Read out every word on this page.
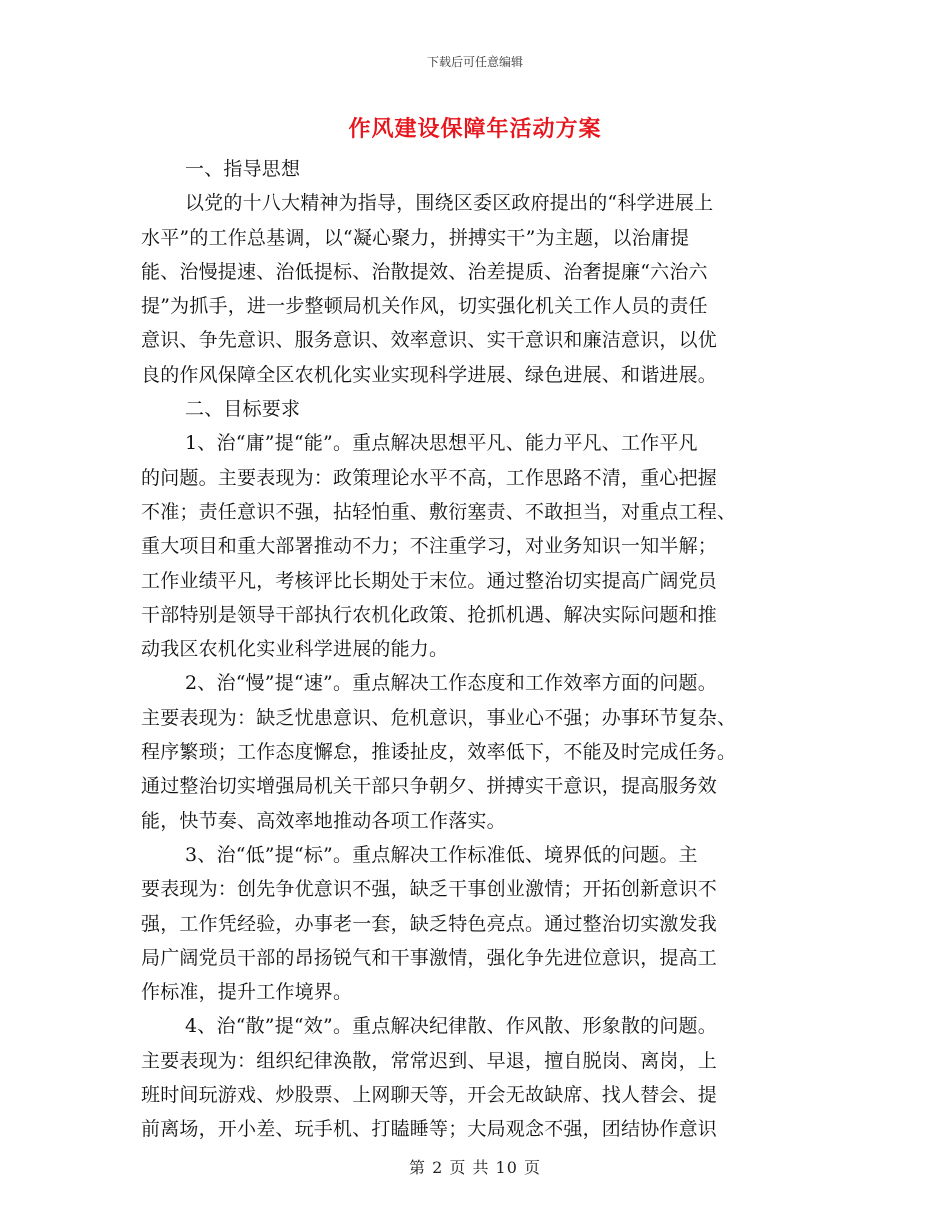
下载后可任意编辑
作风建设保障年活动方案
一、指导思想
以党的十八大精神为指导，围绕区委区政府提出的“科学进展上
水平”的工作总基调，以“凝心聚力，拼搏实干”为主题，以治庸提
能、治慢提速、治低提标、治散提效、治差提质、治奢提廉“六治六
提”为抓手，进一步整顿局机关作风，切实强化机关工作人员的责任
意识、争先意识、服务意识、效率意识、实干意识和廉洁意识，以优
良的作风保障全区农机化实业实现科学进展、绿色进展、和谐进展。
二、目标要求
1、治“庸”提“能”。重点解决思想平凡、能力平凡、工作平凡
的问题。主要表现为：政策理论水平不高，工作思路不清，重心把握
不准；责任意识不强，拈轻怕重、敷衍塞责、不敢担当，对重点工程、
重大项目和重大部署推动不力；不注重学习，对业务知识一知半解；
工作业绩平凡，考核评比长期处于末位。通过整治切实提高广阔党员
干部特别是领导干部执行农机化政策、抢抓机遇、解决实际问题和推
动我区农机化实业科学进展的能力。
2、治“慢”提“速”。重点解决工作态度和工作效率方面的问题。
主要表现为：缺乏忧患意识、危机意识，事业心不强；办事环节复杂、
程序繁琐；工作态度懈怠，推诿扯皮，效率低下，不能及时完成任务。
通过整治切实增强局机关干部只争朝夕、拼搏实干意识，提高服务效
能，快节奏、高效率地推动各项工作落实。
3、治“低”提“标”。重点解决工作标准低、境界低的问题。主
要表现为：创先争优意识不强，缺乏干事创业激情；开拓创新意识不
强，工作凭经验，办事老一套，缺乏特色亮点。通过整治切实激发我
局广阔党员干部的昂扬锐气和干事激情，强化争先进位意识，提高工
作标准，提升工作境界。
4、治“散”提“效”。重点解决纪律散、作风散、形象散的问题。
主要表现为：组织纪律涣散，常常迟到、早退，擅自脱岗、离岗，上
班时间玩游戏、炒股票、上网聊天等，开会无故缺席、找人替会、提
前离场，开小差、玩手机、打瞌睡等；大局观念不强，团结协作意识
第 2 页 共 10 页
